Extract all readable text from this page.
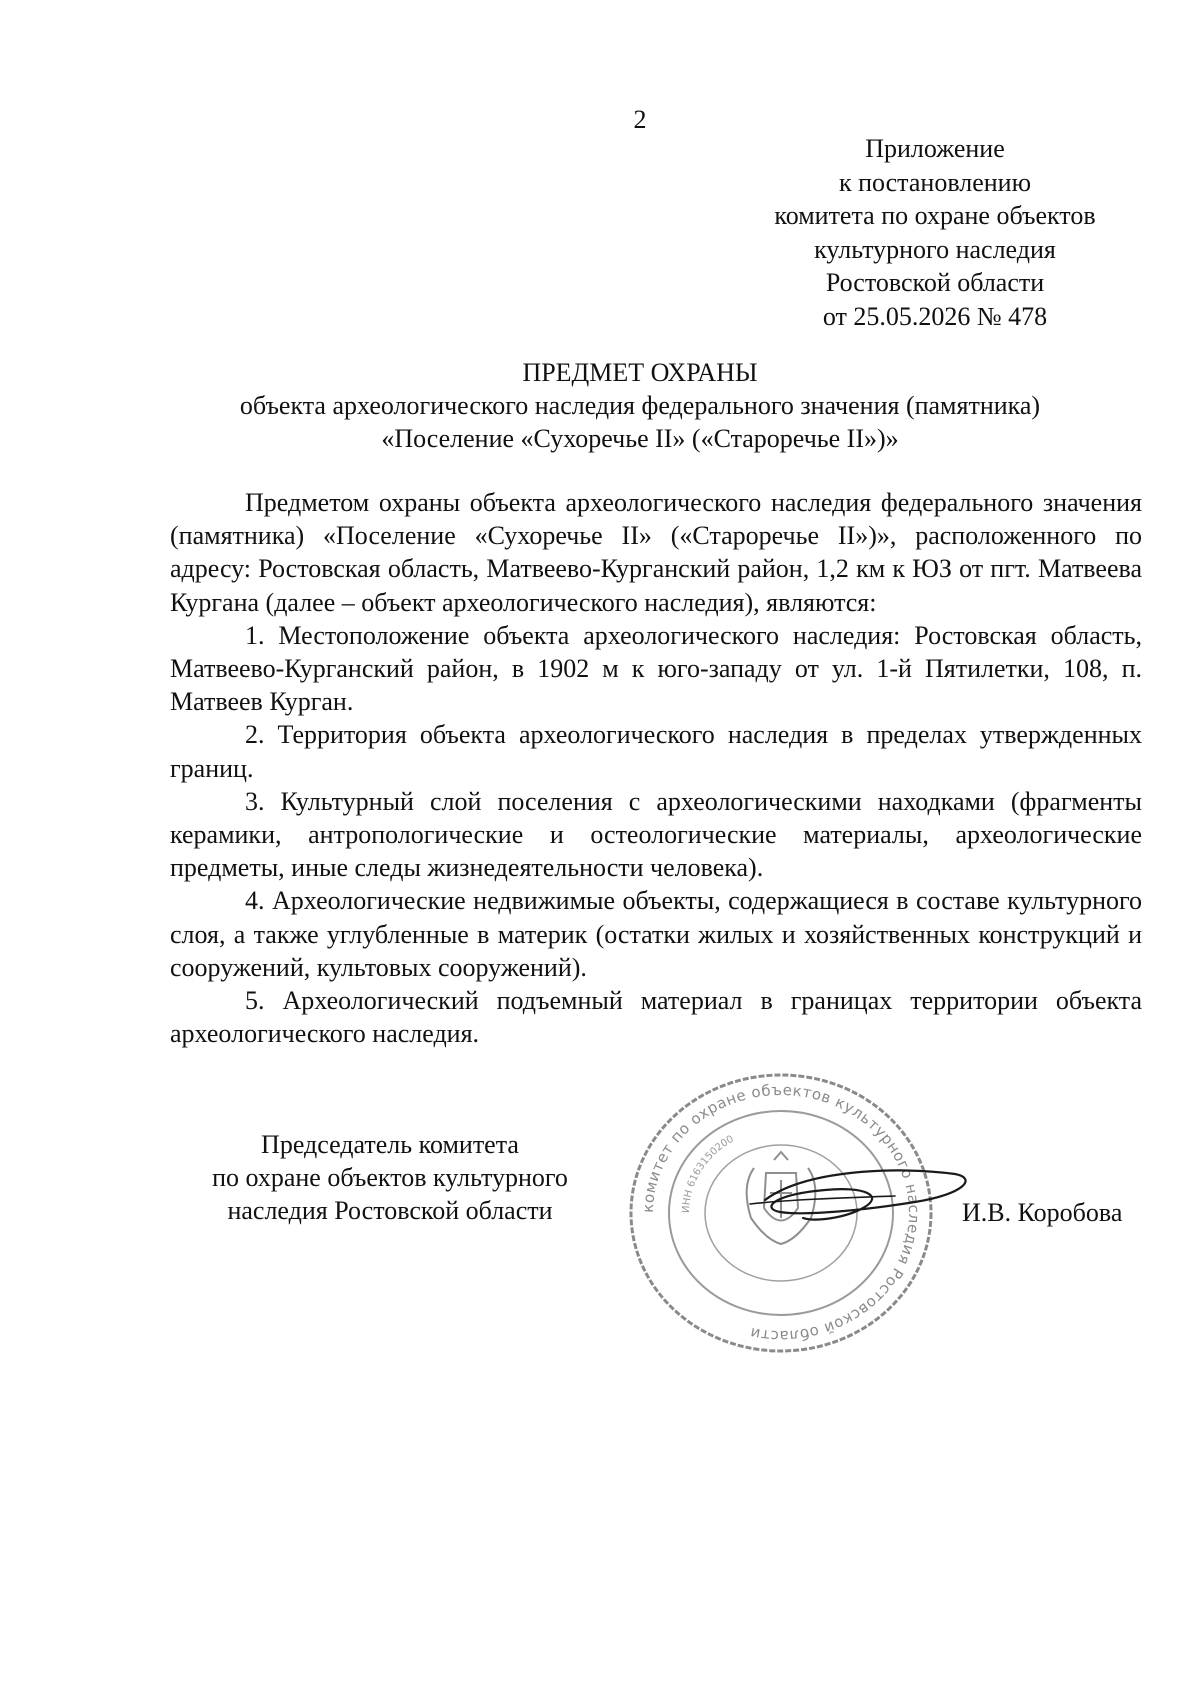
2
Приложение
к постановлению
комитета по охране объектов
культурного наследия
Ростовской области
от 25.05.2026 № 478
ПРЕДМЕТ ОХРАНЫ
объекта археологического наследия федерального значения (памятника)
«Поселение «Сухоречье II» («Староречье II»)»

Предметом охраны объекта археологического наследия федерального значения (памятника) «Поселение «Сухоречье II» («Староречье II»)», расположенного по адресу: Ростовская область, Матвеево-Курганский район, 1,2 км к ЮЗ от пгт. Матвеева Кургана (далее – объект археологического наследия), являются:

1. Местоположение объекта археологического наследия: Ростовская область, Матвеево-Курганский район, в 1902 м к юго-западу от ул. 1-й Пятилетки, 108, п. Матвеев Курган.

2. Территория объекта археологического наследия в пределах утвержденных границ.

3. Культурный слой поселения с археологическими находками (фрагменты керамики, антропологические и остеологические материалы, археологические предметы, иные следы жизнедеятельности человека).

4. Археологические недвижимые объекты, содержащиеся в составе культурного слоя, а также углубленные в материк (остатки жилых и хозяйственных конструкций и сооружений, культовых сооружений).

5. Археологический подъемный материал в границах территории объекта археологического наследия.

Председатель комитета
по охране объектов культурного
наследия Ростовской области	комитет по охране объектов культурного наследия Ростовской области
ИНН 6163150200
И.В. Коробова
